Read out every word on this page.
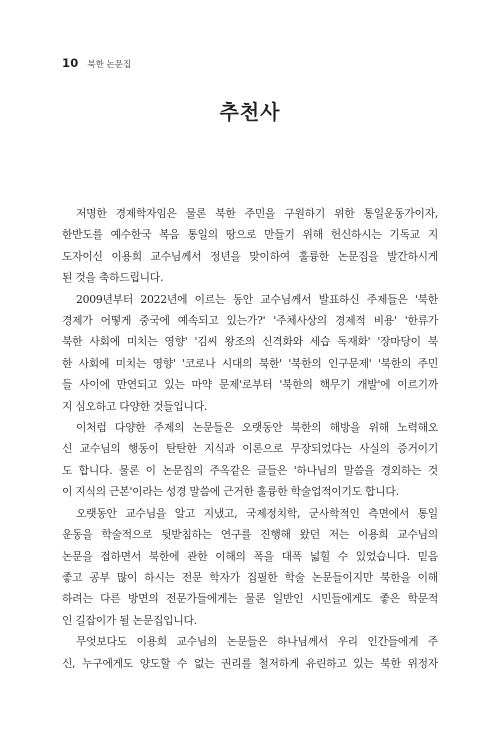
10 북한 논문집
추천사
저명한 경제학자임은 물론 북한 주민을 구원하기 위한 통일운동가이자,
한반도를 예수한국 복음 통일의 땅으로 만들기 위해 헌신하시는 기독교 지
도자이신 이용희 교수님께서 정년을 맞이하여 훌륭한 논문집을 발간하시게
된 것을 축하드립니다.
2009년부터 2022년에 이르는 동안 교수님께서 발표하신 주제들은 '북한
경제가 어떻게 중국에 예속되고 있는가?' '주체사상의 경제적 비용' '한류가
북한 사회에 미치는 영향' '김씨 왕조의 신격화와 세습 독재화' '장마당이 북
한 사회에 미치는 영향' '코로나 시대의 북한' '북한의 인구문제' '북한의 주민
들 사이에 만연되고 있는 마약 문제'로부터 '북한의 핵무기 개발'에 이르기까
지 심오하고 다양한 것들입니다.
이처럼 다양한 주제의 논문들은 오랫동안 북한의 해방을 위해 노력해오
신 교수님의 행동이 탄탄한 지식과 이론으로 무장되었다는 사실의 증거이기
도 합니다. 물론 이 논문집의 주옥같은 글들은 '하나님의 말씀을 경외하는 것
이 지식의 근본'이라는 성경 말씀에 근거한 훌륭한 학술업적이기도 합니다.
오랫동안 교수님을 알고 지냈고, 국제정치학, 군사학적인 측면에서 통일
운동을 학술적으로 뒷받침하는 연구를 진행해 왔던 저는 이용희 교수님의
논문을 접하면서 북한에 관한 이해의 폭을 대폭 넓힐 수 있었습니다. 믿음
좋고 공부 많이 하시는 전문 학자가 집필한 학술 논문들이지만 북한을 이해
하려는 다른 방면의 전문가들에게는 물론 일반인 시민들에게도 좋은 학문적
인 길잡이가 될 논문집입니다.
무엇보다도 이용희 교수님의 논문들은 하나님께서 우리 인간들에게 주
신, 누구에게도 양도할 수 없는 권리를 철저하게 유린하고 있는 북한 위정자
